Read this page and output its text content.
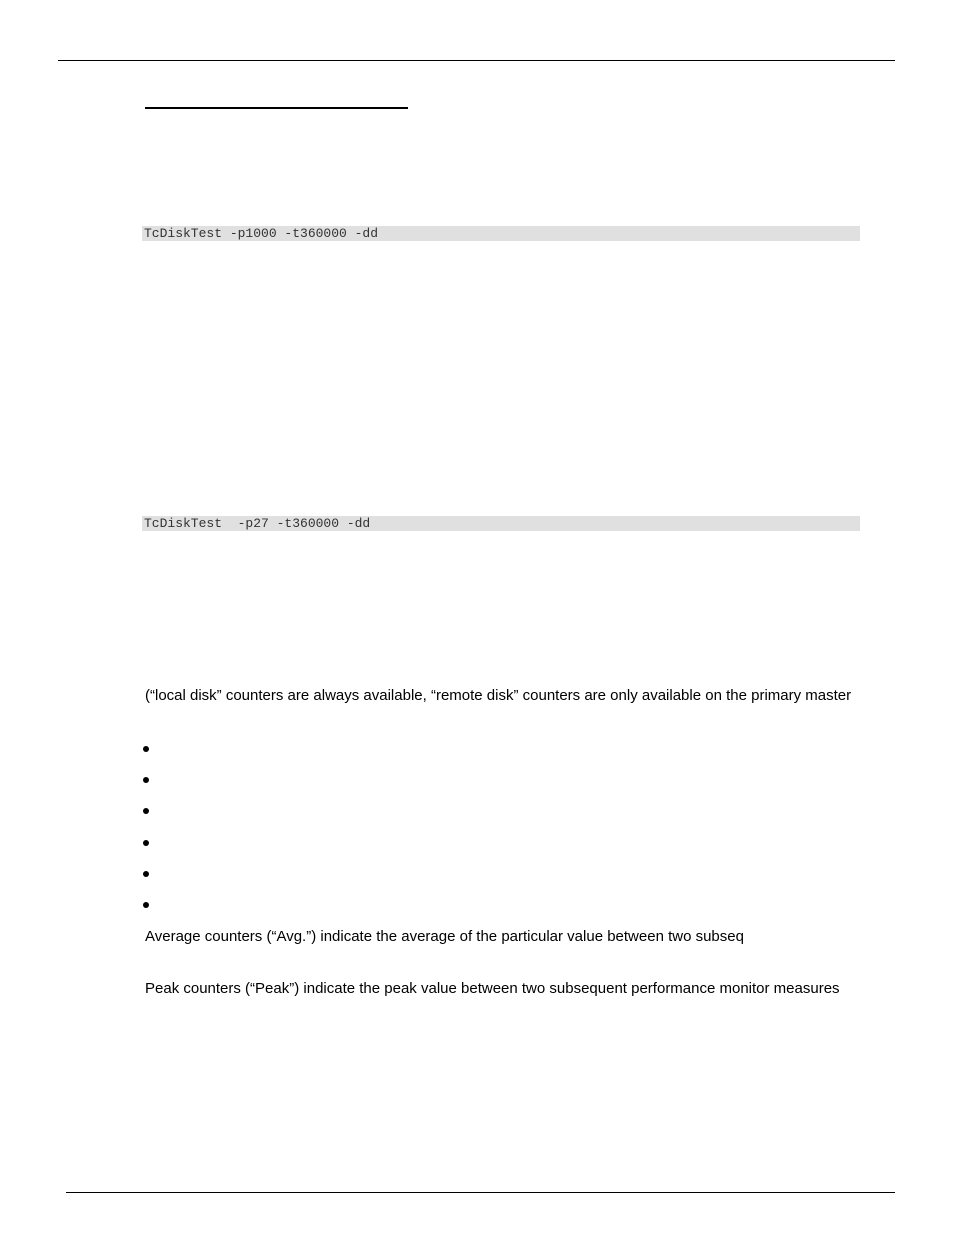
TcDiskTest -p1000 -t360000 -dd
TcDiskTest  -p27 -t360000 -dd
(“local disk” counters are always available, “remote disk” counters are only available on the primary master
Average counters (“Avg.”) indicate the average of the particular value between two subseq
Peak counters (“Peak”) indicate the peak value between two subsequent performance monitor measures
